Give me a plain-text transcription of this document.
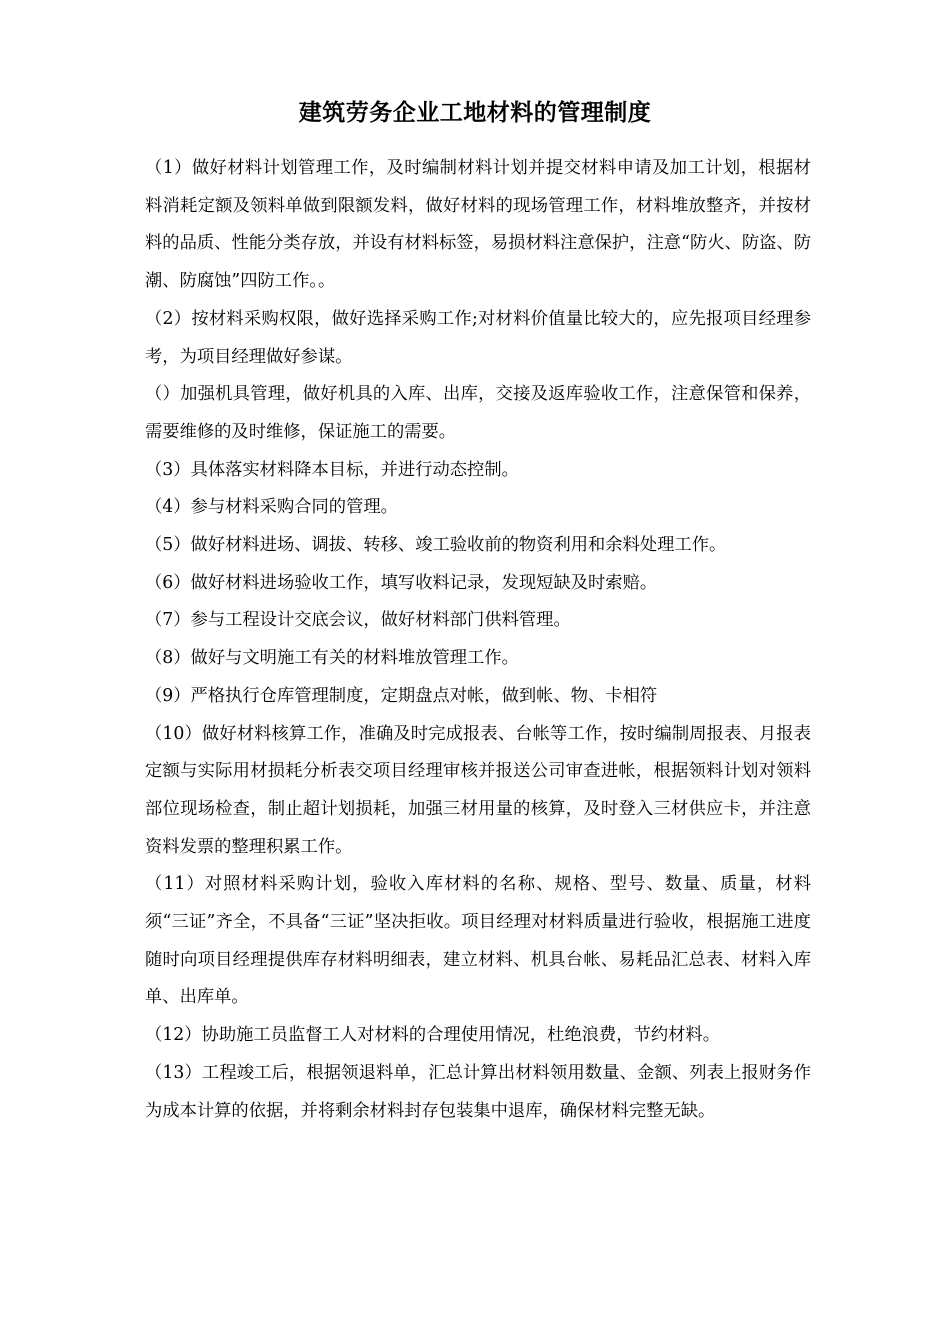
建筑劳务企业工地材料的管理制度

（1）做好材料计划管理工作，及时编制材料计划并提交材料申请及加工计划，根据材料消耗定额及领料单做到限额发料，做好材料的现场管理工作，材料堆放整齐，并按材料的品质、性能分类存放，并设有材料标签，易损材料注意保护，注意“防火、防盗、防潮、防腐蚀”四防工作。。

（2）按材料采购权限，做好选择采购工作;对材料价值量比较大的，应先报项目经理参考，为项目经理做好参谋。

（）加强机具管理，做好机具的入库、出库，交接及返库验收工作，注意保管和保养，需要维修的及时维修，保证施工的需要。

（3）具体落实材料降本目标，并进行动态控制。

（4）参与材料采购合同的管理。

（5）做好材料进场、调拔、转移、竣工验收前的物资利用和余料处理工作。

（6）做好材料进场验收工作，填写收料记录，发现短缺及时索赔。

（7）参与工程设计交底会议，做好材料部门供料管理。

（8）做好与文明施工有关的材料堆放管理工作。

（9）严格执行仓库管理制度，定期盘点对帐，做到帐、物、卡相符

（10）做好材料核算工作，准确及时完成报表、台帐等工作，按时编制周报表、月报表定额与实际用材损耗分析表交项目经理审核并报送公司审查进帐，根据领料计划对领料部位现场检查，制止超计划损耗，加强三材用量的核算，及时登入三材供应卡，并注意资料发票的整理积累工作。

（11）对照材料采购计划，验收入库材料的名称、规格、型号、数量、质量，材料须“三证”齐全，不具备“三证”坚决拒收。项目经理对材料质量进行验收，根据施工进度随时向项目经理提供库存材料明细表，建立材料、机具台帐、易耗品汇总表、材料入库单、出库单。

（12）协助施工员监督工人对材料的合理使用情况，杜绝浪费，节约材料。

（13）工程竣工后，根据领退料单，汇总计算出材料领用数量、金额、列表上报财务作为成本计算的依据，并将剩余材料封存包装集中退库，确保材料完整无缺。
